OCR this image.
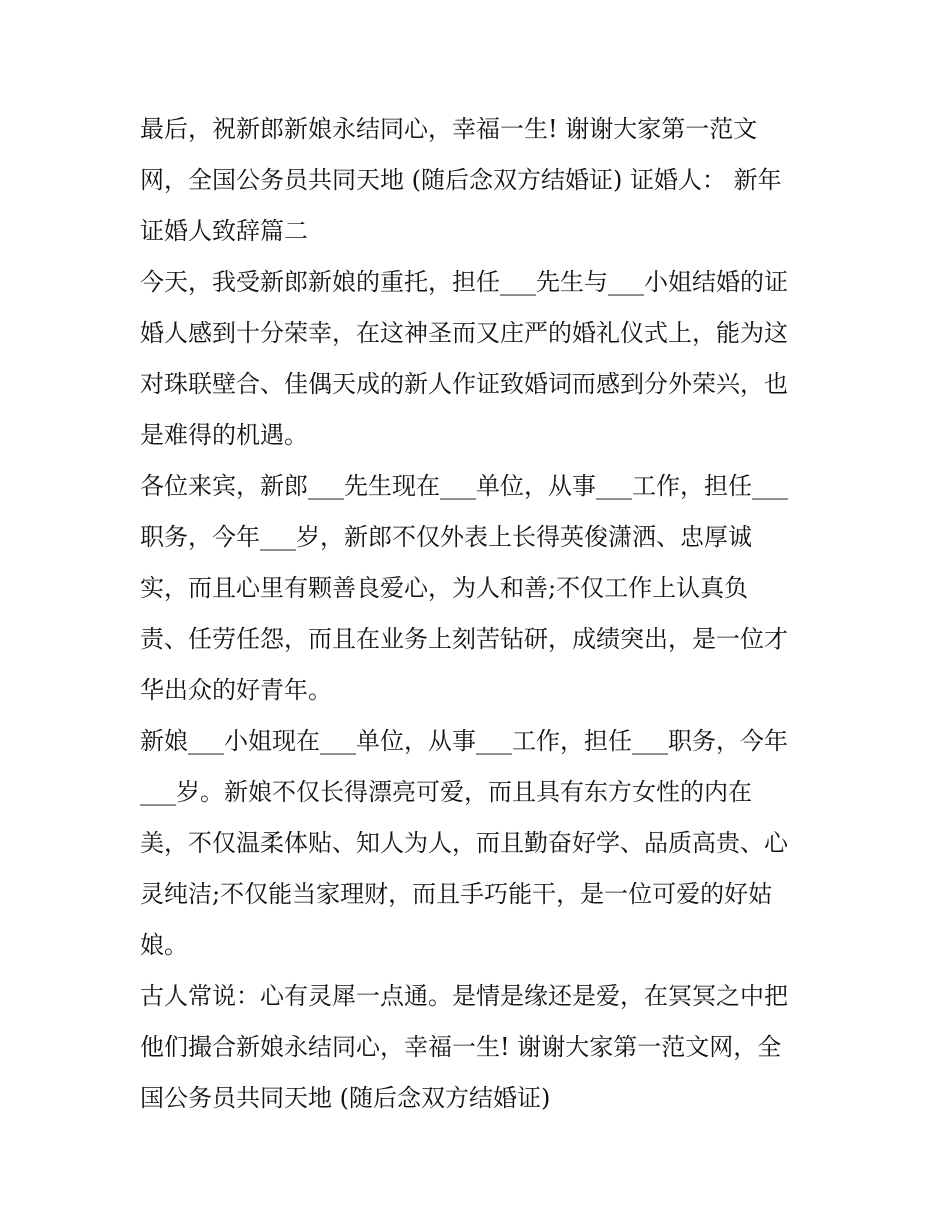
最后，祝新郎新娘永结同心，幸福一生! 谢谢大家第一范文
网，全国公务员共同天地 (随后念双方结婚证) 证婚人： 新年
证婚人致辞篇二
今天，我受新郎新娘的重托，担任___先生与___小姐结婚的证
婚人感到十分荣幸，在这神圣而又庄严的婚礼仪式上，能为这
对珠联壁合、佳偶天成的新人作证致婚词而感到分外荣兴，也
是难得的机遇。
各位来宾，新郎___先生现在___单位，从事___工作，担任___
职务，今年___岁，新郎不仅外表上长得英俊潇洒、忠厚诚
实，而且心里有颗善良爱心，为人和善;不仅工作上认真负
责、任劳任怨，而且在业务上刻苦钻研，成绩突出，是一位才
华出众的好青年。
新娘___小姐现在___单位，从事___工作，担任___职务，今年
___岁。新娘不仅长得漂亮可爱，而且具有东方女性的内在
美，不仅温柔体贴、知人为人，而且勤奋好学、品质高贵、心
灵纯洁;不仅能当家理财，而且手巧能干，是一位可爱的好姑
娘。
古人常说：心有灵犀一点通。是情是缘还是爱，在冥冥之中把
他们撮合新娘永结同心，幸福一生! 谢谢大家第一范文网，全
国公务员共同天地 (随后念双方结婚证)
